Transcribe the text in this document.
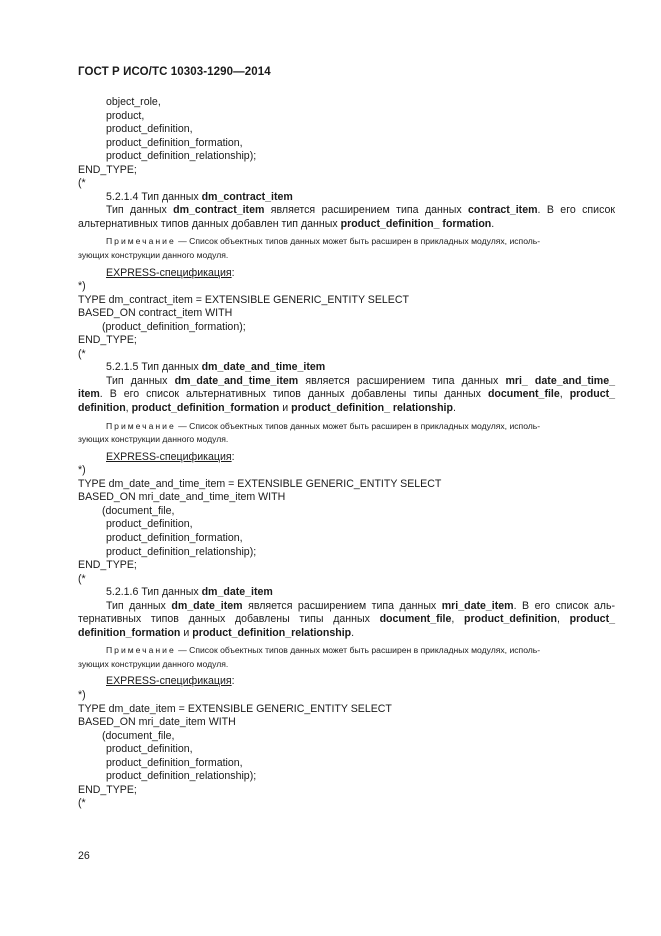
ГОСТ Р ИСО/ТС 10303-1290—2014
object_role,
product,
product_definition,
product_definition_formation,
product_definition_relationship);
END_TYPE;
(*
5.2.1.4 Тип данных dm_contract_item
Тип данных dm_contract_item является расширением типа данных contract_item. В его список
альтернативных типов данных добавлен тип данных product_definition_ formation.
Примечание — Список объектных типов данных может быть расширен в прикладных модулях, исполь-
зующих конструкции данного модуля.
EXPRESS-спецификация:
*)
TYPE dm_contract_item = EXTENSIBLE GENERIC_ENTITY SELECT
BASED_ON contract_item WITH
(product_definition_formation);
END_TYPE;
(*
5.2.1.5 Тип данных dm_date_and_time_item
Тип данных dm_date_and_time_item является расширением типа данных mri_ date_and_time_
item. В его список альтернативных типов данных добавлены типы данных document_file, product_
definition, product_definition_formation и product_definition_ relationship.
Примечание — Список объектных типов данных может быть расширен в прикладных модулях, исполь-
зующих конструкции данного модуля.
EXPRESS-спецификация:
*)
TYPE dm_date_and_time_item = EXTENSIBLE GENERIC_ENTITY SELECT
BASED_ON mri_date_and_time_item WITH
(document_file,
product_definition,
product_definition_formation,
product_definition_relationship);
END_TYPE;
(*
5.2.1.6 Тип данных dm_date_item
Тип данных dm_date_item является расширением типа данных mri_date_item. В его список аль-
тернативных типов данных добавлены типы данных document_file, product_definition, product_
definition_formation и product_definition_relationship.
Примечание — Список объектных типов данных может быть расширен в прикладных модулях, исполь-
зующих конструкции данного модуля.
EXPRESS-спецификация:
*)
TYPE dm_date_item = EXTENSIBLE GENERIC_ENTITY SELECT
BASED_ON mri_date_item WITH
(document_file,
product_definition,
product_definition_formation,
product_definition_relationship);
END_TYPE;
(*
26
